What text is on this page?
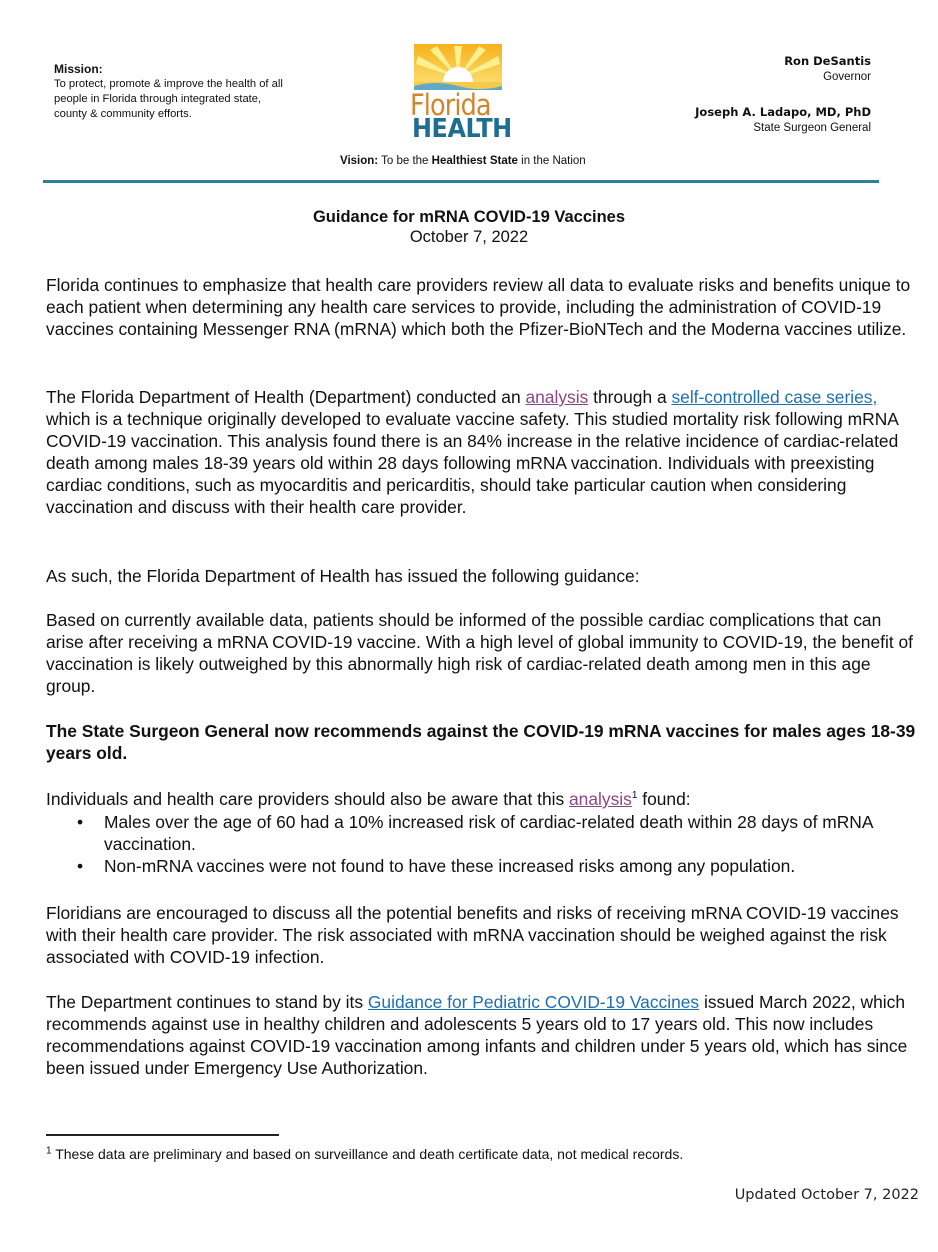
Mission:
To protect, promote & improve the health of all people in Florida through integrated state, county & community efforts.	Florida
HEALTH
Vision: To be the Healthiest State in the Nation
Ron DeSantis
Governor
Joseph A. Ladapo, MD, PhD
State Surgeon General
Guidance for mRNA COVID-19 Vaccines
October 7, 2022

Florida continues to emphasize that health care providers review all data to evaluate risks and benefits unique to each patient when determining any health care services to provide, including the administration of COVID-19 vaccines containing Messenger RNA (mRNA) which both the Pfizer-BioNTech and the Moderna vaccines utilize.

The Florida Department of Health (Department) conducted an analysis through a self-controlled case series, which is a technique originally developed to evaluate vaccine safety. This studied mortality risk following mRNA COVID-19 vaccination. This analysis found there is an 84% increase in the relative incidence of cardiac-related death among males 18-39 years old within 28 days following mRNA vaccination. Individuals with preexisting cardiac conditions, such as myocarditis and pericarditis, should take particular caution when considering vaccination and discuss with their health care provider.

As such, the Florida Department of Health has issued the following guidance:

Based on currently available data, patients should be informed of the possible cardiac complications that can arise after receiving a mRNA COVID-19 vaccine. With a high level of global immunity to COVID-19, the benefit of vaccination is likely outweighed by this abnormally high risk of cardiac-related death among men in this age group.

The State Surgeon General now recommends against the COVID-19 mRNA vaccines for males ages 18-39 years old.

Individuals and health care providers should also be aware that this analysis$^1$ found:

• Males over the age of 60 had a 10% increased risk of cardiac-related death within 28 days of mRNA vaccination.
• Non-mRNA vaccines were not found to have these increased risks among any population.

Floridians are encouraged to discuss all the potential benefits and risks of receiving mRNA COVID-19 vaccines with their health care provider. The risk associated with mRNA vaccination should be weighed against the risk associated with COVID-19 infection.

The Department continues to stand by its Guidance for Pediatric COVID-19 Vaccines issued March 2022, which recommends against use in healthy children and adolescents 5 years old to 17 years old. This now includes recommendations against COVID-19 vaccination among infants and children under 5 years old, which has since been issued under Emergency Use Authorization.

$^1$ These data are preliminary and based on surveillance and death certificate data, not medical records.
Updated October 7, 2022
